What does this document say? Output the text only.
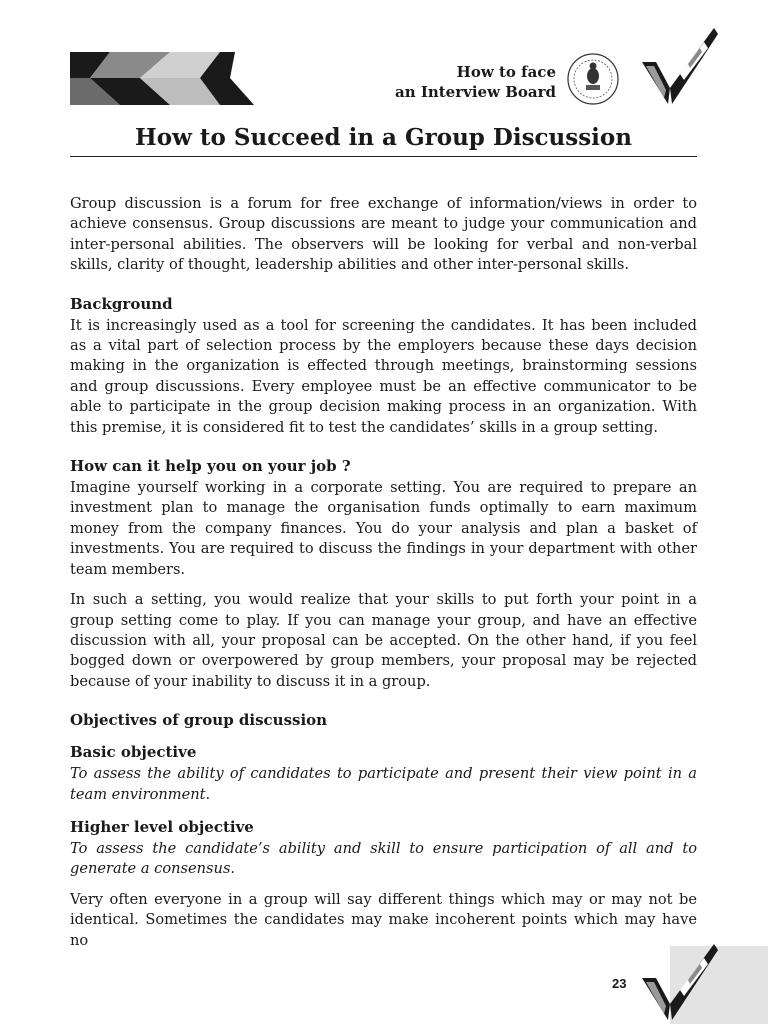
How to face
an Interview Board
How to Succeed in a Group Discussion

Group discussion is a forum for free exchange of information/views in order to achieve consensus. Group discussions are meant to judge your communication and inter-personal abilities. The observers will be looking for verbal and non-verbal skills, clarity of thought, leadership abilities and other inter-personal skills.

Background

It is increasingly used as a tool for screening the candidates. It has been included as a vital part of selection process by the employers because these days decision making in the organization is effected through meetings, brainstorming sessions and group discussions. Every employee must be an effective communicator to be able to participate in the group decision making process in an organization. With this premise, it is considered fit to test the candidates’ skills in a group setting.

How can it help you on your job ?

Imagine yourself working in a corporate setting. You are required to prepare an investment plan to manage the organisation funds optimally to earn maximum money from the company finances. You do your analysis and plan a basket of investments. You are required to discuss the findings in your department with other team members.

In such a setting, you would realize that your skills to put forth your point in a group setting come to play. If you can manage your group, and have an effective discussion with all, your proposal can be accepted. On the other hand, if you feel bogged down or overpowered by group members, your proposal may be rejected because of your inability to discuss it in a group.

Objectives of group discussion
Basic objective

To assess the ability of candidates to participate and present their view point in a team environment.

Higher level objective

To assess the candidate’s ability and skill to ensure participation of all and to generate a consensus.

Very often everyone in a group will say different things which may or may not be identical. Sometimes the candidates may make incoherent points which may have no

23
